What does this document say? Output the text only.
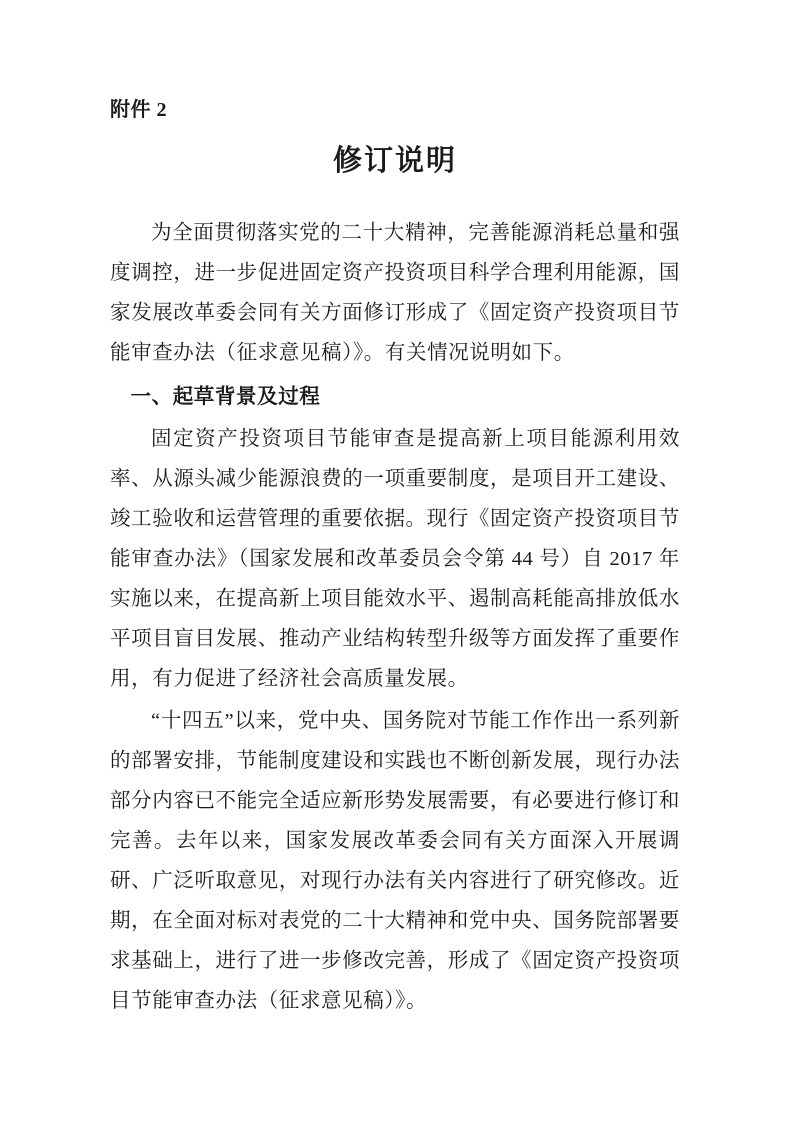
附件 2
修订说明

为全面贯彻落实党的二十大精神，完善能源消耗总量和强度调控，进一步促进固定资产投资项目科学合理利用能源，国家发展改革委会同有关方面修订形成了《固定资产投资项目节能审查办法（征求意见稿）》。有关情况说明如下。

一、起草背景及过程

固定资产投资项目节能审查是提高新上项目能源利用效率、从源头减少能源浪费的一项重要制度，是项目开工建设、竣工验收和运营管理的重要依据。现行《固定资产投资项目节能审查办法》（国家发展和改革委员会令第 44 号）自 2017 年实施以来，在提高新上项目能效水平、遏制高耗能高排放低水平项目盲目发展、推动产业结构转型升级等方面发挥了重要作用，有力促进了经济社会高质量发展。

“十四五”以来，党中央、国务院对节能工作作出一系列新的部署安排，节能制度建设和实践也不断创新发展，现行办法部分内容已不能完全适应新形势发展需要，有必要进行修订和完善。去年以来，国家发展改革委会同有关方面深入开展调研、广泛听取意见，对现行办法有关内容进行了研究修改。近期，在全面对标对表党的二十大精神和党中央、国务院部署要求基础上，进行了进一步修改完善，形成了《固定资产投资项目节能审查办法（征求意见稿）》。
